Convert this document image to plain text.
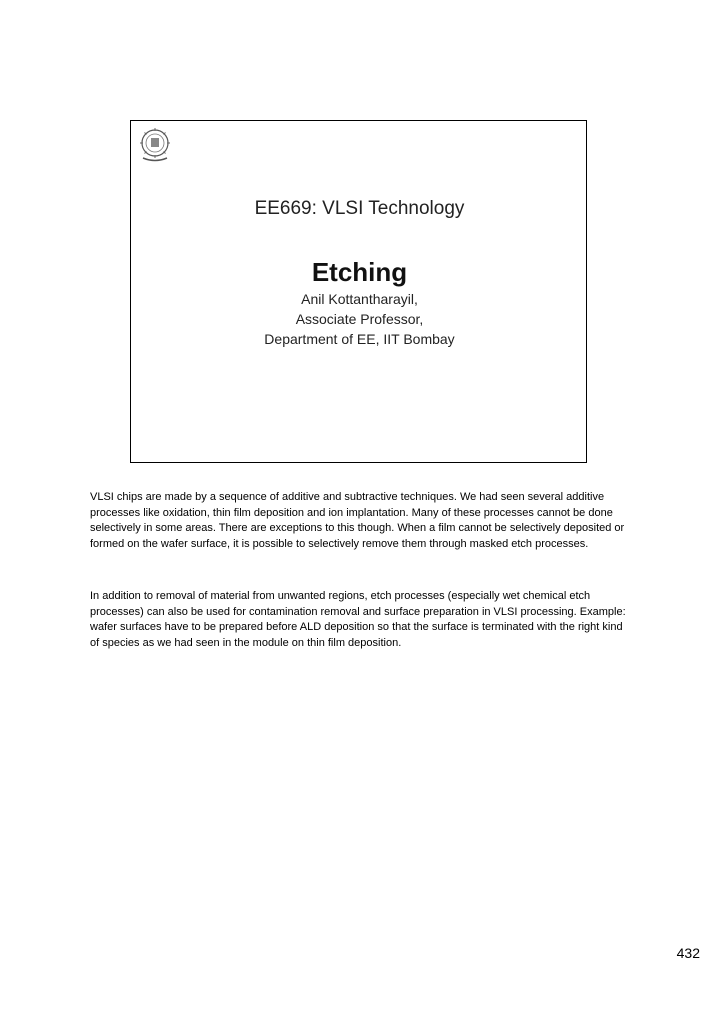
EE669: VLSI Technology
Etching
Anil Kottantharayil,
Associate Professor,
Department of EE, IIT Bombay

VLSI chips are made by a sequence of additive and subtractive techniques. We had seen several additive processes like oxidation, thin film deposition and ion implantation. Many of these processes cannot be done selectively in some areas. There are exceptions to this though. When a film cannot be selectively deposited or formed on the wafer surface, it is possible to selectively remove them through masked etch processes.

In addition to removal of material from unwanted regions, etch processes (especially wet chemical etch processes) can also be used for contamination removal and surface preparation in VLSI processing. Example: wafer surfaces have to be prepared before ALD deposition so that the surface is terminated with the right kind of species as we had seen in the module on thin film deposition.

432
